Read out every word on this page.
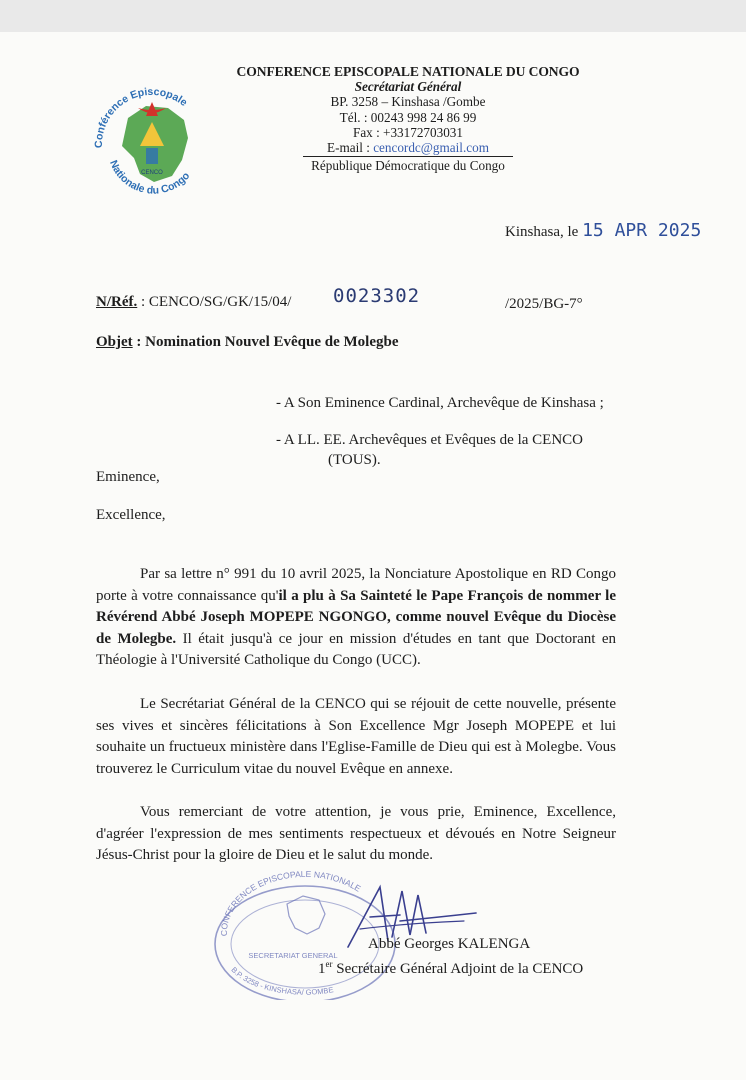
Conférence Episcopale
Nationale du Congo
CENCO
CONFERENCE EPISCOPALE NATIONALE DU CONGO
Secrétariat Général
BP. 3258 – Kinshasa /Gombe
Tél. : 00243 998 24 86 99
Fax : +33172703031
E-mail : cencordc@gmail.com
République Démocratique du Congo
Kinshasa, le 15 APR 2025
N/Réf. : CENCO/SG/GK/15/04/ 0023302	/2025/BG-7°
Objet : Nomination Nouvel Evêque de Molegbe
- A Son Eminence Cardinal, Archevêque de Kinshasa ;
- A LL. EE. Archevêques et Evêques de la CENCO
(TOUS).
Eminence,
Excellence,
Par sa lettre n° 991 du 10 avril 2025, la Nonciature Apostolique en RD Congo porte à votre connaissance qu'il a plu à Sa Sainteté le Pape François de nommer le Révérend Abbé Joseph MOPEPE NGONGO, comme nouvel Evêque du Diocèse de Molegbe. Il était jusqu'à ce jour en mission d'études en tant que Doctorant en Théologie à l'Université Catholique du Congo (UCC).
Le Secrétariat Général de la CENCO qui se réjouit de cette nouvelle, présente ses vives et sincères félicitations à Son Excellence Mgr Joseph MOPEPE et lui souhaite un fructueux ministère dans l'Eglise-Famille de Dieu qui est à Molegbe. Vous trouverez le Curriculum vitae du nouvel Evêque en annexe.
Vous remerciant de votre attention, je vous prie, Eminence, Excellence, d'agréer l'expression de mes sentiments respectueux et dévoués en Notre Seigneur Jésus-Christ pour la gloire de Dieu et le salut du monde.
CONFERENCE EPISCOPALE NATIONALE
SECRETARIAT GENERAL
B.P. 3258 - KINSHASA/ GOMBE
Abbé Georges KALENGA
1er Secrétaire Général Adjoint de la CENCO
